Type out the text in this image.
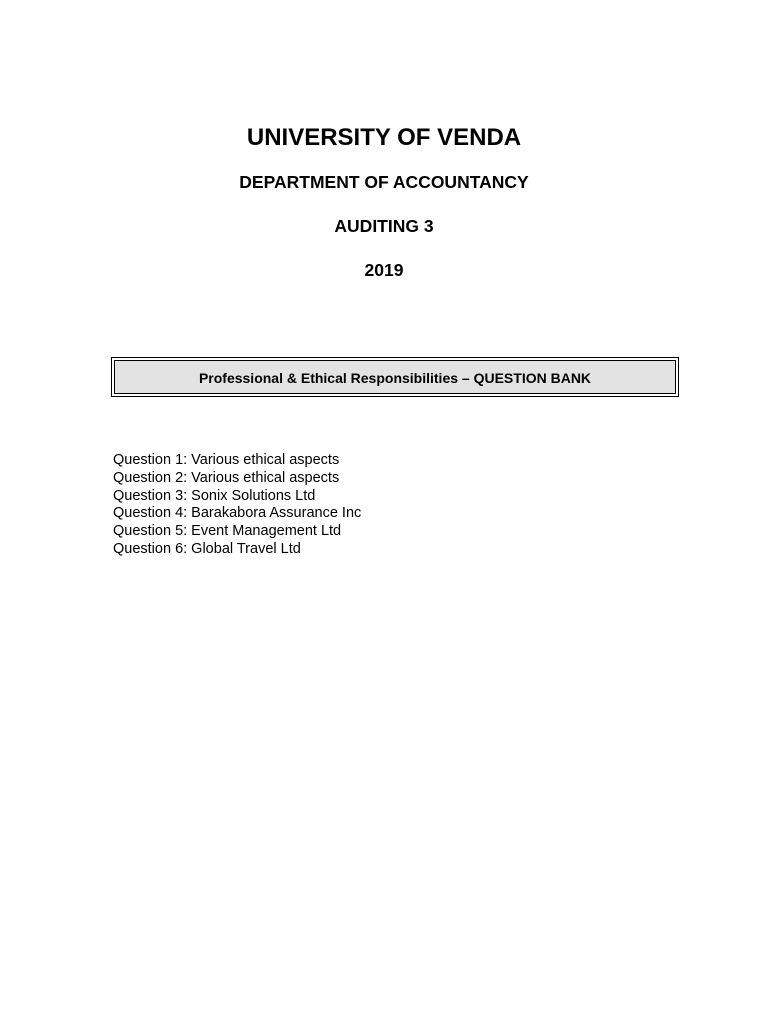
UNIVERSITY OF VENDA
DEPARTMENT OF ACCOUNTANCY
AUDITING 3
2019
Professional & Ethical Responsibilities – QUESTION BANK
Question 1: Various ethical aspects
Question 2: Various ethical aspects
Question 3: Sonix Solutions Ltd
Question 4: Barakabora Assurance Inc
Question 5: Event Management Ltd
Question 6: Global Travel Ltd
